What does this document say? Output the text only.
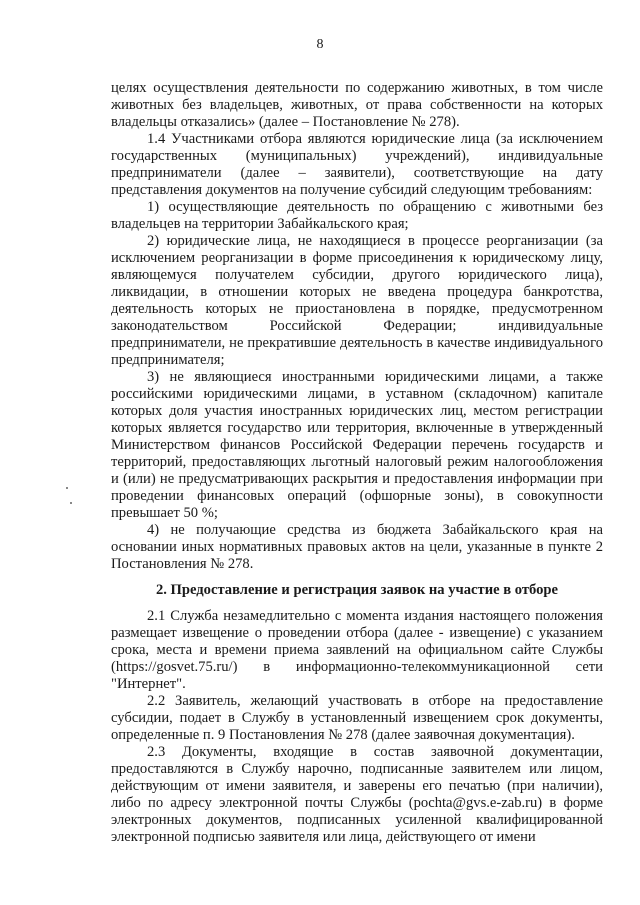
8

целях осуществления деятельности по содержанию животных, в том числе животных без владельцев, животных, от права собственности на которых владельцы отказались» (далее – Постановление № 278).

1.4 Участниками отбора являются юридические лица (за исключением государственных (муниципальных) учреждений), индивидуальные предприниматели (далее – заявители), соответствующие на дату представления документов на получение субсидий следующим требованиям:

1) осуществляющие деятельность по обращению с животными без владельцев на территории Забайкальского края;

2) юридические лица, не находящиеся в процессе реорганизации (за исключением реорганизации в форме присоединения к юридическому лицу, являющемуся получателем субсидии, другого юридического лица), ликвидации, в отношении которых не введена процедура банкротства, деятельность которых не приостановлена в порядке, предусмотренном законодательством Российской Федерации; индивидуальные предприниматели, не прекратившие деятельность в качестве индивидуального предпринимателя;

3) не являющиеся иностранными юридическими лицами, а также российскими юридическими лицами, в уставном (складочном) капитале которых доля участия иностранных юридических лиц, местом регистрации которых является государство или территория, включенные в утвержденный Министерством финансов Российской Федерации перечень государств и территорий, предоставляющих льготный налоговый режим налогообложения и (или) не предусматривающих раскрытия и предоставления информации при проведении финансовых операций (офшорные зоны), в совокупности превышает 50 %;

4) не получающие средства из бюджета Забайкальского края на основании иных нормативных правовых актов на цели, указанные в пункте 2 Постановления № 278.

2. Предоставление и регистрация заявок на участие в отборе

2.1 Служба незамедлительно с момента издания настоящего положения размещает извещение о проведении отбора (далее - извещение) с указанием срока, места и времени приема заявлений на официальном сайте Службы (https://gosvet.75.ru/) в информационно-телекоммуникационной сети "Интернет".

2.2 Заявитель, желающий участвовать в отборе на предоставление субсидии, подает в Службу в установленный извещением срок документы, определенные п. 9 Постановления № 278 (далее заявочная документация).

2.3 Документы, входящие в состав заявочной документации, предоставляются в Службу нарочно, подписанные заявителем или лицом, действующим от имени заявителя, и заверены его печатью (при наличии), либо по адресу электронной почты Службы (pochta@gvs.e-zab.ru) в форме электронных документов, подписанных усиленной квалифицированной электронной подписью заявителя или лица, действующего от имени
